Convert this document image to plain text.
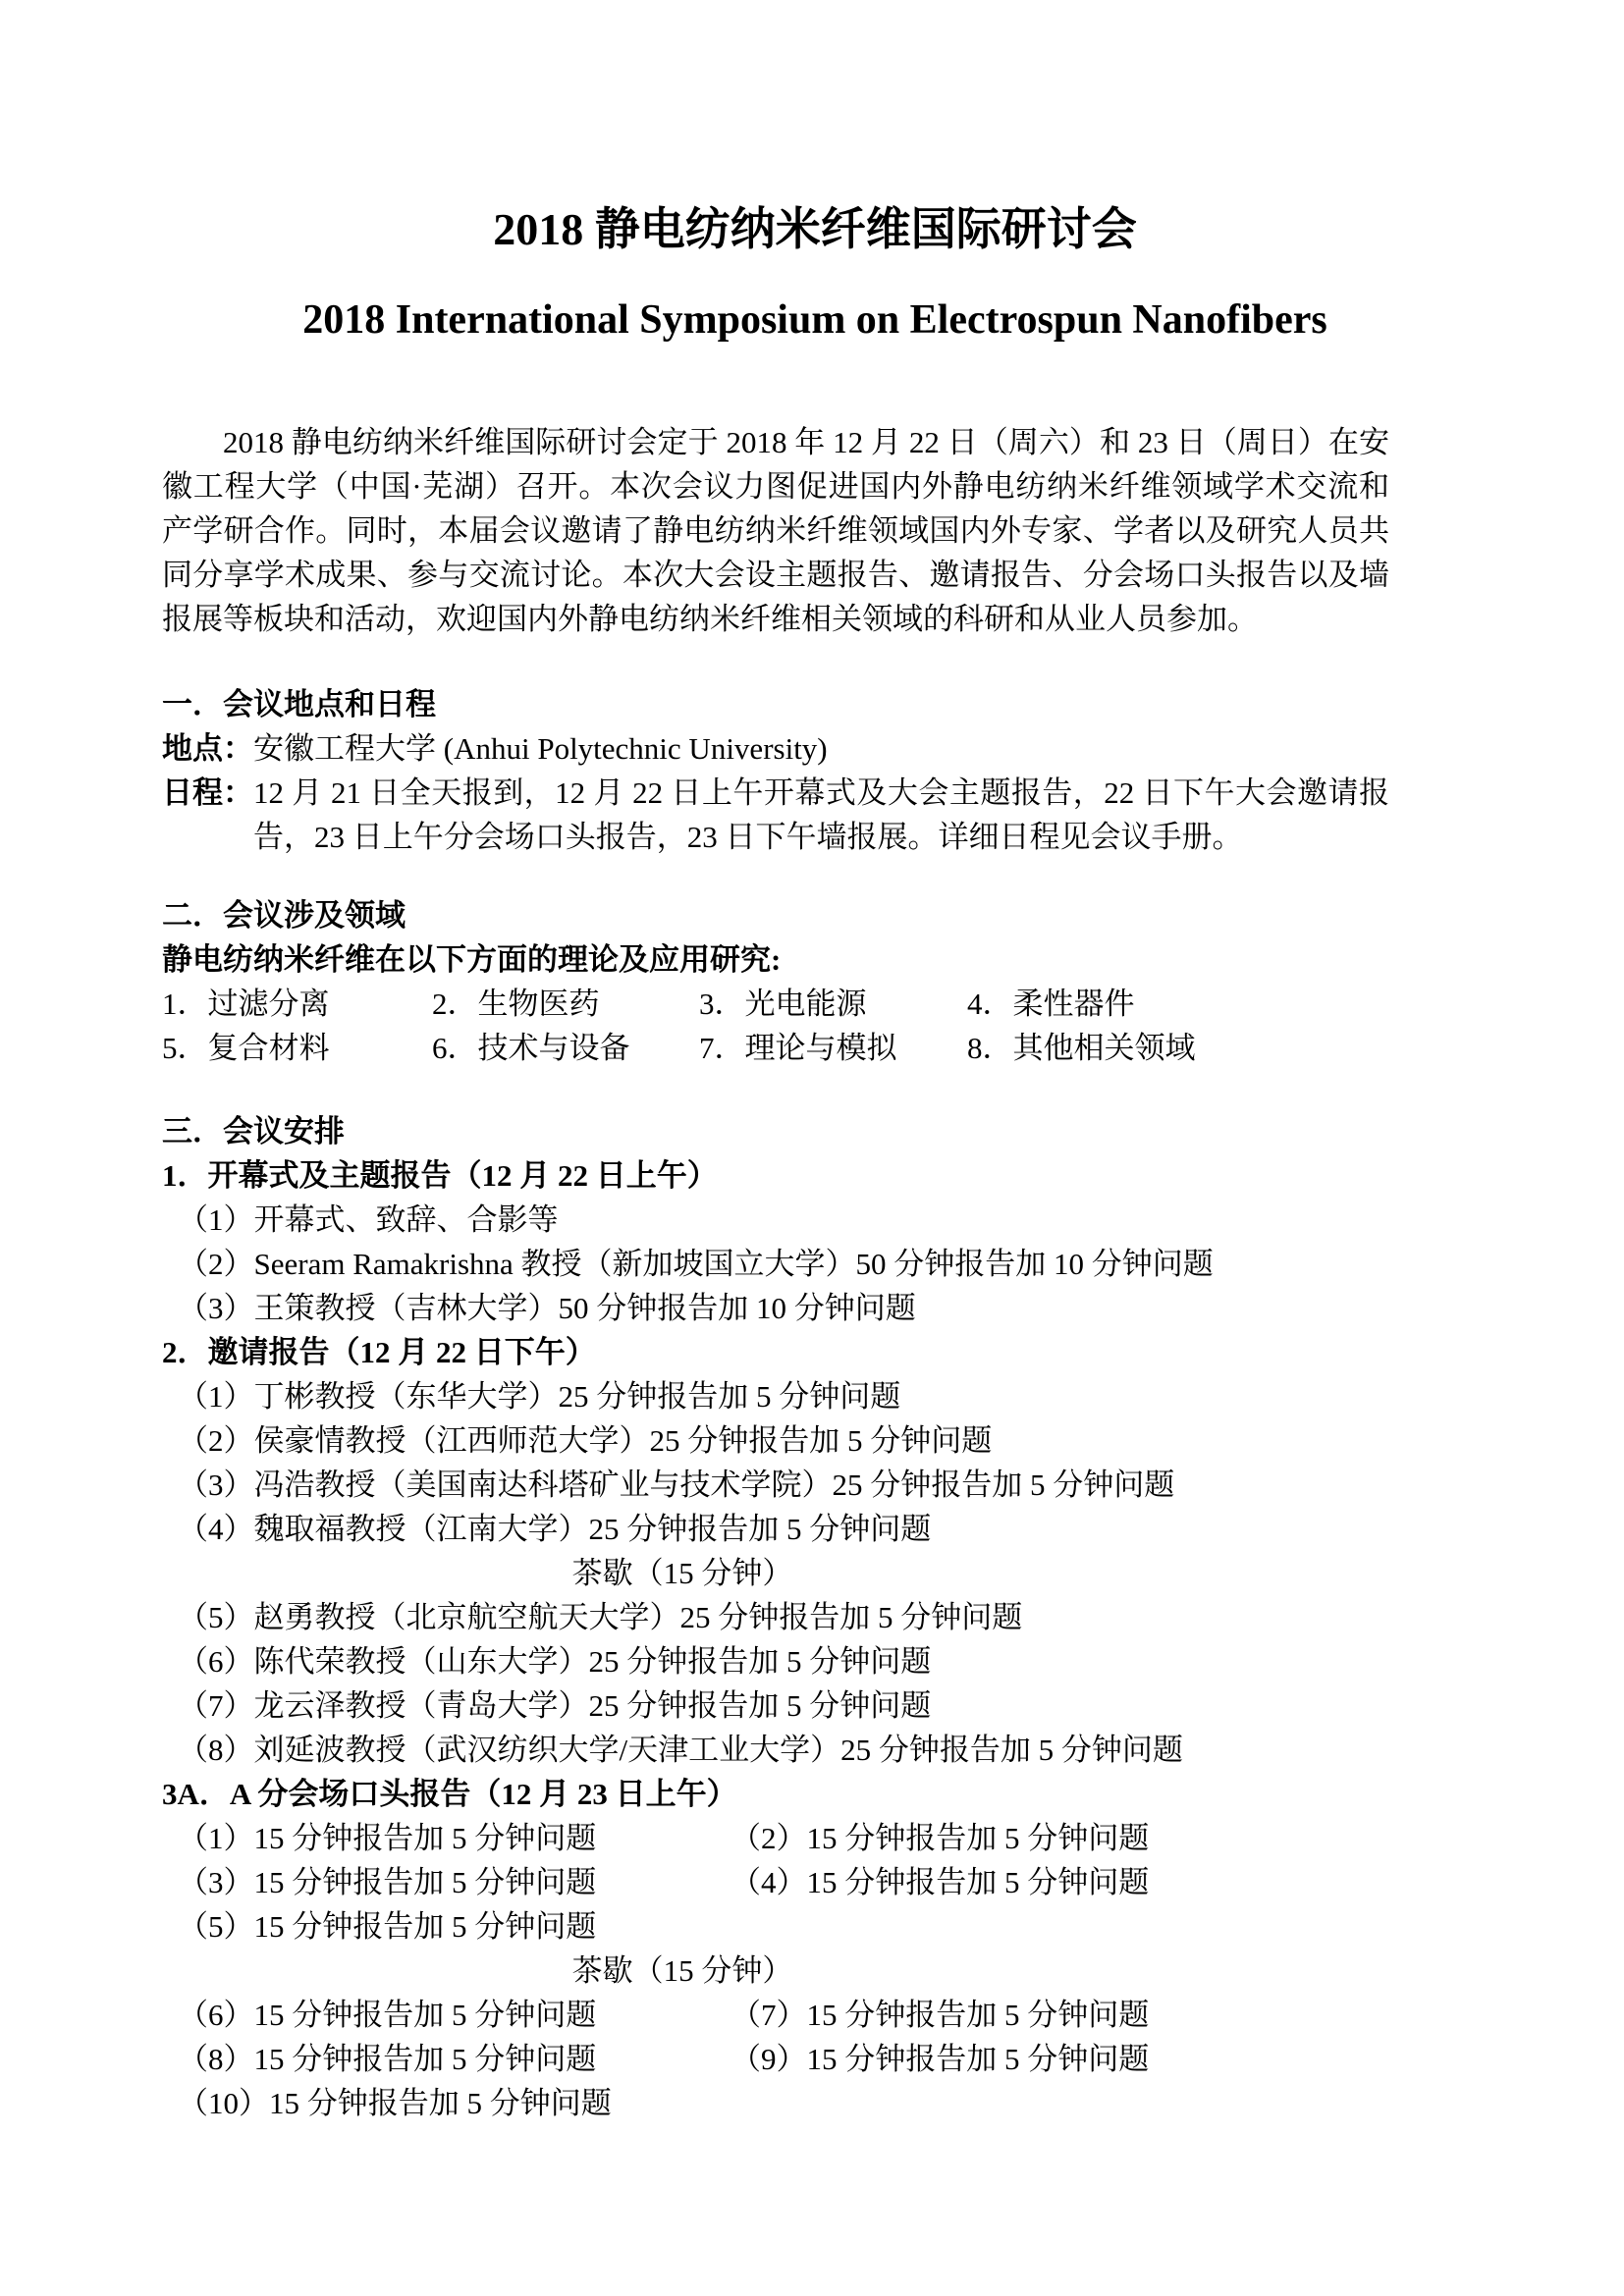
2018 静电纺纳米纤维国际研讨会
2018 International Symposium on Electrospun Nanofibers

2018 静电纺纳米纤维国际研讨会定于 2018 年 12 月 22 日（周六）和 23 日（周日）在安徽工程大学（中国·芜湖）召开。本次会议力图促进国内外静电纺纳米纤维领域学术交流和产学研合作。同时，本届会议邀请了静电纺纳米纤维领域国内外专家、学者以及研究人员共同分享学术成果、参与交流讨论。本次大会设主题报告、邀请报告、分会场口头报告以及墙报展等板块和活动，欢迎国内外静电纺纳米纤维相关领域的科研和从业人员参加。

一．会议地点和日程
地点：安徽工程大学 (Anhui Polytechnic University)
日程： 12 月 21 日全天报到，12 月 22 日上午开幕式及大会主题报告，22 日下午大会邀请报告，23 日上午分会场口头报告，23 日下午墙报展。详细日程见会议手册。
二．会议涉及领域
静电纺纳米纤维在以下方面的理论及应用研究:
1．过滤分离	2．生物医药	3．光电能源	4．柔性器件
5．复合材料	6．技术与设备	7．理论与模拟	8．其他相关领域
三．会议安排
1．开幕式及主题报告（12 月 22 日上午）
（1）开幕式、致辞、合影等
（2）Seeram Ramakrishna 教授（新加坡国立大学）50 分钟报告加 10 分钟问题
（3）王策教授（吉林大学）50 分钟报告加 10 分钟问题
2．邀请报告（12 月 22 日下午）
（1）丁彬教授（东华大学）25 分钟报告加 5 分钟问题
（2）侯豪情教授（江西师范大学）25 分钟报告加 5 分钟问题
（3）冯浩教授（美国南达科塔矿业与技术学院）25 分钟报告加 5 分钟问题
（4）魏取福教授（江南大学）25 分钟报告加 5 分钟问题
茶歇（15 分钟）
（5）赵勇教授（北京航空航天大学）25 分钟报告加 5 分钟问题
（6）陈代荣教授（山东大学）25 分钟报告加 5 分钟问题
（7）龙云泽教授（青岛大学）25 分钟报告加 5 分钟问题
（8）刘延波教授（武汉纺织大学/天津工业大学）25 分钟报告加 5 分钟问题
3A．A 分会场口头报告（12 月 23 日上午）
（1）15 分钟报告加 5 分钟问题	（2）15 分钟报告加 5 分钟问题
（3）15 分钟报告加 5 分钟问题	（4）15 分钟报告加 5 分钟问题
（5）15 分钟报告加 5 分钟问题
茶歇（15 分钟）
（6）15 分钟报告加 5 分钟问题	（7）15 分钟报告加 5 分钟问题
（8）15 分钟报告加 5 分钟问题	（9）15 分钟报告加 5 分钟问题
（10）15 分钟报告加 5 分钟问题
